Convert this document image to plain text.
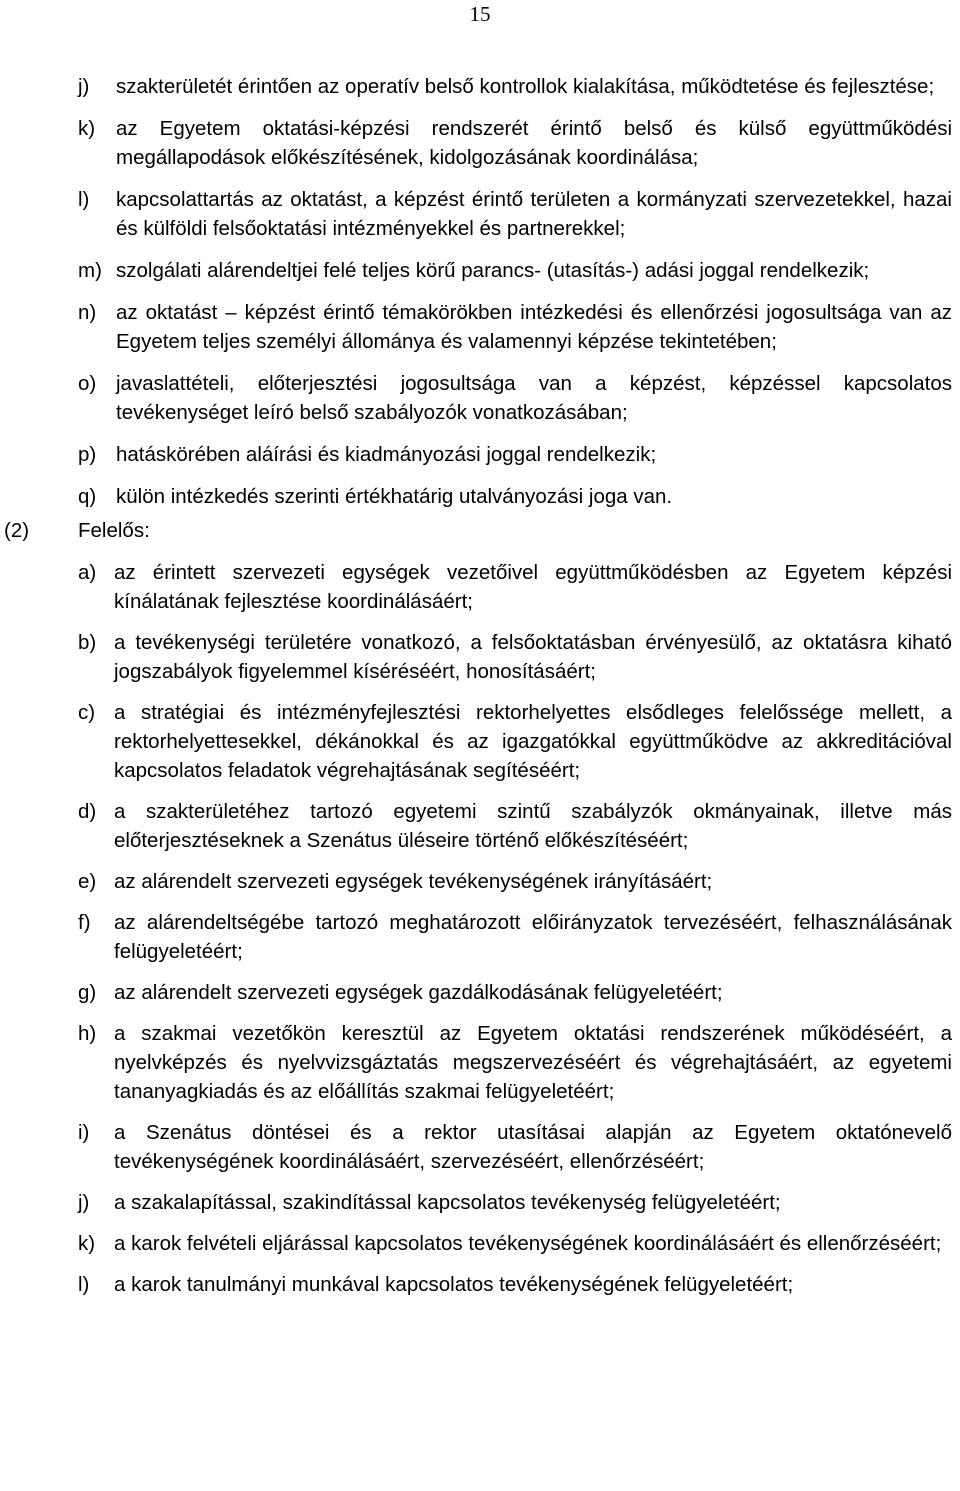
15
j) szakterületét érintően az operatív belső kontrollok kialakítása, működtetése és fejlesztése;
k) az Egyetem oktatási-képzési rendszerét érintő belső és külső együttműködési megállapodások előkészítésének, kidolgozásának koordinálása;
l) kapcsolattartás az oktatást, a képzést érintő területen a kormányzati szervezetekkel, hazai és külföldi felsőoktatási intézményekkel és partnerekkel;
m) szolgálati alárendeltjei felé teljes körű parancs- (utasítás-) adási joggal rendelkezik;
n) az oktatást – képzést érintő témakörökben intézkedési és ellenőrzési jogosultsága van az Egyetem teljes személyi állománya és valamennyi képzése tekintetében;
o) javaslattételi, előterjesztési jogosultsága van a képzést, képzéssel kapcsolatos tevékenységet leíró belső szabályozók vonatkozásában;
p) hatáskörében aláírási és kiadmányozási joggal rendelkezik;
q) külön intézkedés szerinti értékhatárig utalványozási joga van.
(2) Felelős:
a) az érintett szervezeti egységek vezetőivel együttműködésben az Egyetem képzési kínálatának fejlesztése koordinálásáért;
b) a tevékenységi területére vonatkozó, a felsőoktatásban érvényesülő, az oktatásra kiható jogszabályok figyelemmel kíséréséért, honosításáért;
c) a stratégiai és intézményfejlesztési rektorhelyettes elsődleges felelőssége mellett, a rektorhelyettesekkel, dékánokkal és az igazgatókkal együttműködve az akkreditációval kapcsolatos feladatok végrehajtásának segítéséért;
d) a szakterületéhez tartozó egyetemi szintű szabályzók okmányainak, illetve más előterjesztéseknek a Szenátus üléseire történő előkészítéséért;
e) az alárendelt szervezeti egységek tevékenységének irányításáért;
f) az alárendeltségébe tartozó meghatározott előirányzatok tervezéséért, felhasználásának felügyeletéért;
g) az alárendelt szervezeti egységek gazdálkodásának felügyeletéért;
h) a szakmai vezetőkön keresztül az Egyetem oktatási rendszerének működéséért, a nyelvképzés és nyelvvizsgáztatás megszervezéséért és végrehajtásáért, az egyetemi tananyagkiadás és az előállítás szakmai felügyeletéért;
i) a Szenátus döntései és a rektor utasításai alapján az Egyetem oktatónevelő tevékenységének koordinálásáért, szervezéséért, ellenőrzéséért;
j) a szakalapítással, szakindítással kapcsolatos tevékenység felügyeletéért;
k) a karok felvételi eljárással kapcsolatos tevékenységének koordinálásáért és ellenőrzéséért;
l) a karok tanulmányi munkával kapcsolatos tevékenységének felügyeletéért;
